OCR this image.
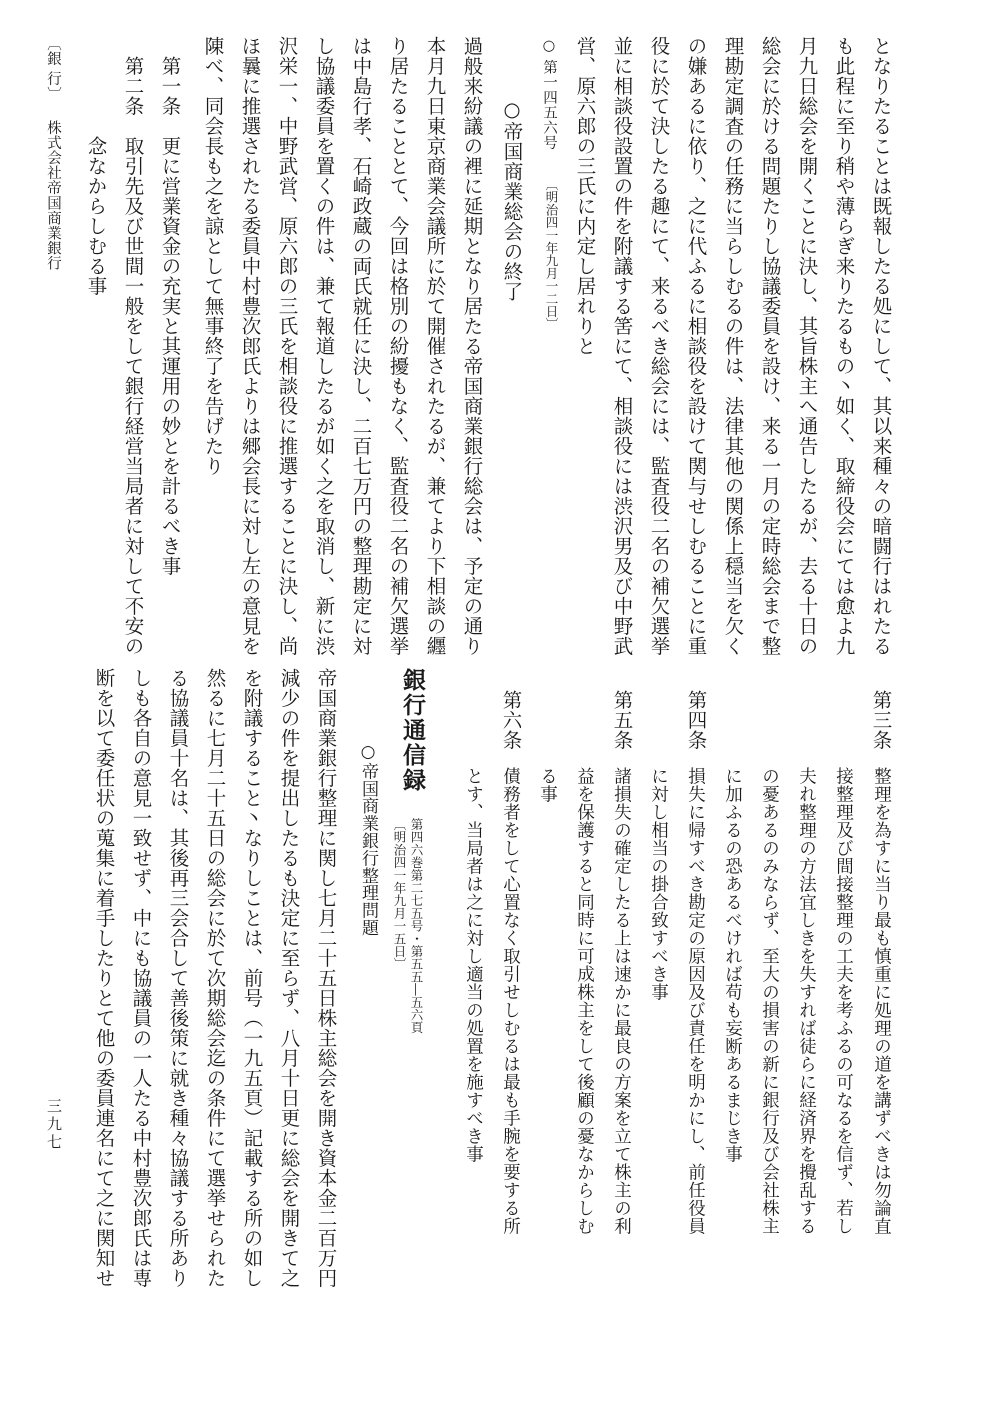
となりたることは既報したる処にして、其以来種々の暗闘行はれたる

も此程に至り稍や薄らぎ来りたるもの丶如く、取締役会にては愈よ九

月九日総会を開くことに決し、其旨株主へ通告したるが、去る十日の

総会に於ける問題たりし協議委員を設け、来る一月の定時総会まで整

理勘定調査の任務に当らしむるの件は、法律其他の関係上穏当を欠く

の嫌あるに依り、之に代ふるに相談役を設けて関与せしむることに重

役に於て決したる趣にて、来るべき総会には、監査役二名の補欠選挙

並に相談役設置の件を附議する筈にて、相談役には渋沢男及び中野武

営、原六郎の三氏に内定し居れりと

○ 第一四五六号

〔明治四一年九月一二日〕

○帝国商業総会の終了

過般来紛議の裡に延期となり居たる帝国商業銀行総会は、予定の通り

本月九日東京商業会議所に於て開催されたるが、兼てより下相談の纒

り居たることとて、今回は格別の紛擾もなく、監査役二名の補欠選挙

は中島行孝、石崎政蔵の両氏就任に決し、二百七万円の整理勘定に対

し協議委員を置くの件は、兼て報道したるが如く之を取消し、新に渋

沢栄一、中野武営、原六郎の三氏を相談役に推選することに決し、尚

ほ曩に推選されたる委員中村豊次郎氏よりは郷会長に対し左の意見を

陳べ、同会長も之を諒として無事終了を告げたり

第一条

更に営業資金の充実と其運用の妙とを計るべき事

第二条

取引先及び世間一般をして銀行経営当局者に対して不安の

念なからしむる事

〔銀 行〕

株式会社帝国商業銀行

第三条

整理を為すに当り最も慎重に処理の道を講ずべきは勿論直

接整理及び間接整理の工夫を考ふるの可なるを信ず、若し

夫れ整理の方法宜しきを失すれば徒らに経済界を攪乱する

の憂あるのみならず、至大の損害の新に銀行及び会社株主

に加ふるの恐あるべければ苟も妄断あるまじき事

第四条

損失に帰すべき勘定の原因及び責任を明かにし、前任役員

に対し相当の掛合致すべき事

第五条

諸損失の確定したる上は速かに最良の方案を立て株主の利

益を保護すると同時に可成株主をして後顧の憂なからしむ

る事

第六条

債務者をして心置なく取引せしむるは最も手腕を要する所

とす、当局者は之に対し適当の処置を施すべき事

銀行通信録

第四六巻第二七五号・第五五―五六頁

〔明治四一年九月一五日〕

○帝国商業銀行整理問題

帝国商業銀行整理に関し七月二十五日株主総会を開き資本金二百万円

減少の件を提出したるも決定に至らず、八月十日更に総会を開きて之

を附議すること丶なりしことは、前号（一九五頁）記載する所の如し

然るに七月二十五日の総会に於て次期総会迄の条件にて選挙せられた

る協議員十名は、其後再三会合して善後策に就き種々協議する所あり

しも各自の意見一致せず、中にも協議員の一人たる中村豊次郎氏は専

断を以て委任状の蒐集に着手したりとて他の委員連名にて之に関知せ

三九七
